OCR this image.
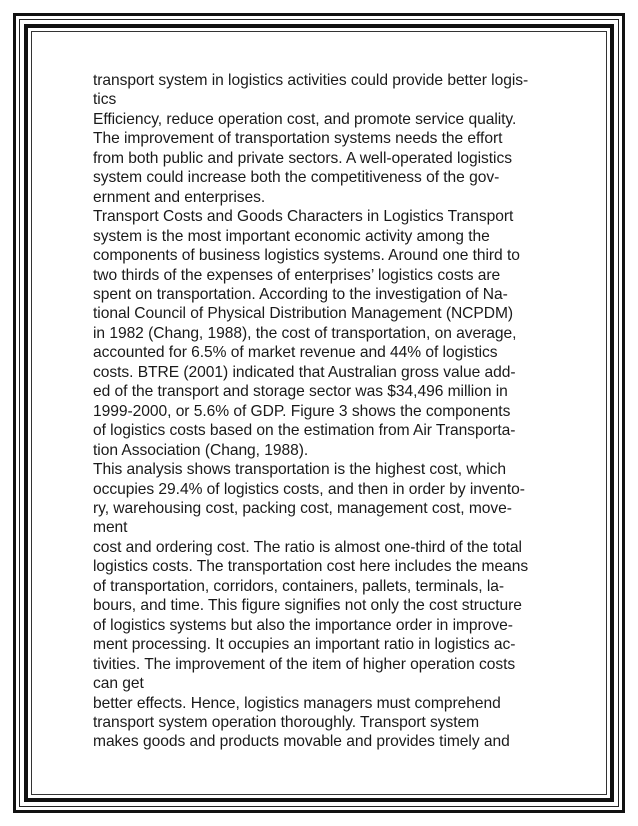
transport system in logistics activities could provide better logis-
tics
Efficiency, reduce operation cost, and promote service quality.
The improvement of transportation systems needs the effort
from both public and private sectors. A well-operated logistics
system could increase both the competitiveness of the gov-
ernment and enterprises.
Transport Costs and Goods Characters in Logistics Transport
system is the most important economic activity among the
components of business logistics systems. Around one third to
two thirds of the expenses of enterprises’ logistics costs are
spent on transportation. According to the investigation of Na-
tional Council of Physical Distribution Management (NCPDM)
in 1982 (Chang, 1988), the cost of transportation, on average,
accounted for 6.5% of market revenue and 44% of logistics
costs. BTRE (2001) indicated that Australian gross value add-
ed of the transport and storage sector was $34,496 million in
1999-2000, or 5.6% of GDP. Figure 3 shows the components
of logistics costs based on the estimation from Air Transporta-
tion Association (Chang, 1988).
This analysis shows transportation is the highest cost, which
occupies 29.4% of logistics costs, and then in order by invento-
ry, warehousing cost, packing cost, management cost, move-
ment
cost and ordering cost. The ratio is almost one-third of the total
logistics costs. The transportation cost here includes the means
of transportation, corridors, containers, pallets, terminals, la-
bours, and time. This figure signifies not only the cost structure
of logistics systems but also the importance order in improve-
ment processing. It occupies an important ratio in logistics ac-
tivities. The improvement of the item of higher operation costs
can get
better effects. Hence, logistics managers must comprehend
transport system operation thoroughly. Transport system
makes goods and products movable and provides timely and
